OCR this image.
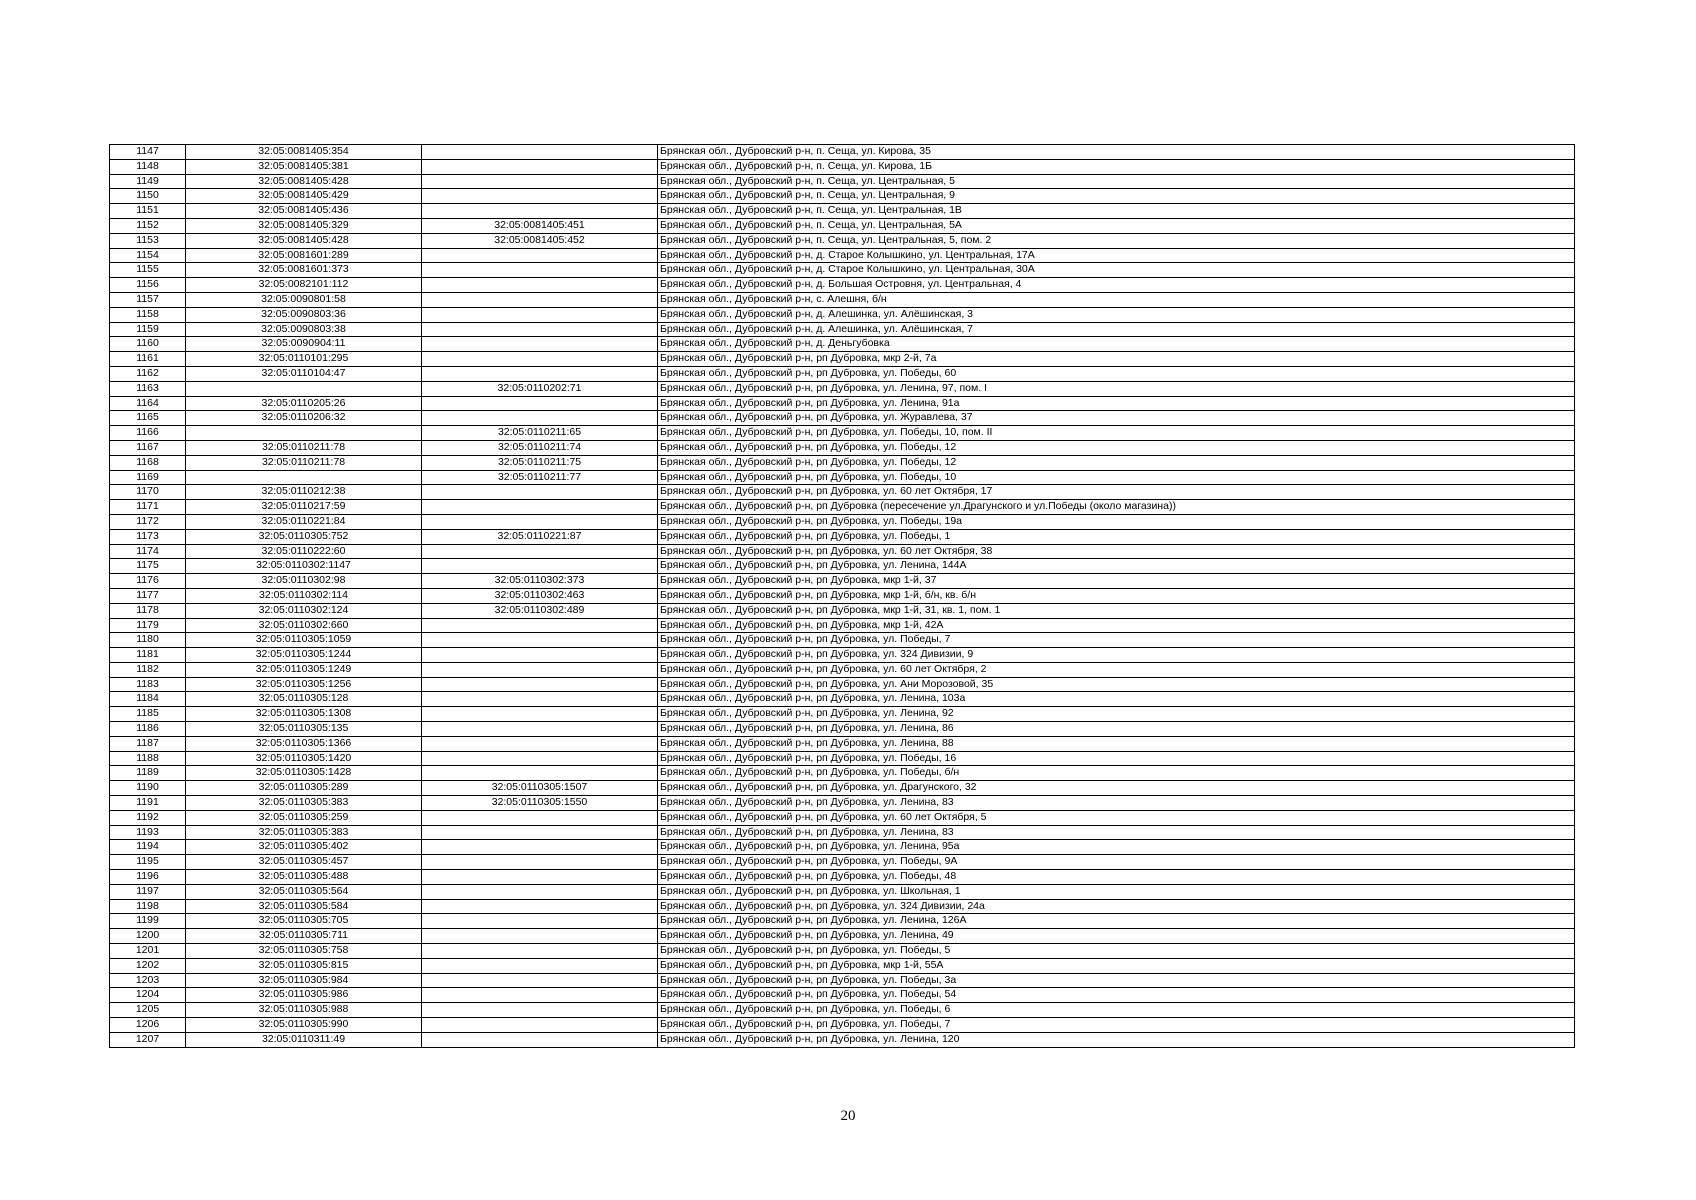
1147	32:05:0081405:354		Брянская обл., Дубровский р-н, п. Сеща, ул. Кирова, 35
1148	32:05:0081405:381		Брянская обл., Дубровский р-н, п. Сеща, ул. Кирова, 1Б
1149	32:05:0081405:428		Брянская обл., Дубровский р-н, п. Сеща, ул. Центральная, 5
1150	32:05:0081405:429		Брянская обл., Дубровский р-н, п. Сеща, ул. Центральная, 9
1151	32:05:0081405:436		Брянская обл., Дубровский р-н, п. Сеща, ул. Центральная, 1В
1152	32:05:0081405:329	32:05:0081405:451	Брянская обл., Дубровский р-н, п. Сеща, ул. Центральная, 5А
1153	32:05:0081405:428	32:05:0081405:452	Брянская обл., Дубровский р-н, п. Сеща, ул. Центральная, 5, пом. 2
1154	32:05:0081601:289		Брянская обл., Дубровский р-н, д. Старое Колышкино, ул. Центральная, 17А
1155	32:05:0081601:373		Брянская обл., Дубровский р-н, д. Старое Колышкино, ул. Центральная, 30А
1156	32:05:0082101:112		Брянская обл., Дубровский р-н, д. Большая Островня, ул. Центральная, 4
1157	32:05:0090801:58		Брянская обл., Дубровский р-н, с. Алешня, б/н
1158	32:05:0090803:36		Брянская обл., Дубровский р-н, д. Алешинка, ул. Алёшинская, 3
1159	32:05:0090803:38		Брянская обл., Дубровский р-н, д. Алешинка, ул. Алёшинская, 7
1160	32:05:0090904:11		Брянская обл., Дубровский р-н, д. Деньгубовка
1161	32:05:0110101:295		Брянская обл., Дубровский р-н, рп Дубровка, мкр 2-й, 7а
1162	32:05:0110104:47		Брянская обл., Дубровский р-н, рп Дубровка, ул. Победы, 60
1163		32:05:0110202:71	Брянская обл., Дубровский р-н, рп Дубровка, ул. Ленина, 97, пом. I
1164	32:05:0110205:26		Брянская обл., Дубровский р-н, рп Дубровка, ул. Ленина, 91а
1165	32:05:0110206:32		Брянская обл., Дубровский р-н, рп Дубровка, ул. Журавлева, 37
1166		32:05:0110211:65	Брянская обл., Дубровский р-н, рп Дубровка, ул. Победы, 10, пом. II
1167	32:05:0110211:78	32:05:0110211:74	Брянская обл., Дубровский р-н, рп Дубровка, ул. Победы, 12
1168	32:05:0110211:78	32:05:0110211:75	Брянская обл., Дубровский р-н, рп Дубровка, ул. Победы, 12
1169		32:05:0110211:77	Брянская обл., Дубровский р-н, рп Дубровка, ул. Победы, 10
1170	32:05:0110212:38		Брянская обл., Дубровский р-н, рп Дубровка, ул. 60 лет Октября, 17
1171	32:05:0110217:59		Брянская обл., Дубровский р-н, рп Дубровка (пересечение ул.Драгунского и ул.Победы (около магазина))
1172	32:05:0110221:84		Брянская обл., Дубровский р-н, рп Дубровка, ул. Победы, 19а
1173	32:05:0110305:752	32:05:0110221:87	Брянская обл., Дубровский р-н, рп Дубровка, ул. Победы, 1
1174	32:05:0110222:60		Брянская обл., Дубровский р-н, рп Дубровка, ул. 60 лет Октября, 38
1175	32:05:0110302:1147		Брянская обл., Дубровский р-н, рп Дубровка, ул. Ленина, 144А
1176	32:05:0110302:98	32:05:0110302:373	Брянская обл., Дубровский р-н, рп Дубровка, мкр 1-й, 37
1177	32:05:0110302:114	32:05:0110302:463	Брянская обл., Дубровский р-н, рп Дубровка, мкр 1-й, б/н, кв. б/н
1178	32:05:0110302:124	32:05:0110302:489	Брянская обл., Дубровский р-н, рп Дубровка, мкр 1-й, 31, кв. 1, пом. 1
1179	32:05:0110302:660		Брянская обл., Дубровский р-н, рп Дубровка, мкр 1-й, 42А
1180	32:05:0110305:1059		Брянская обл., Дубровский р-н, рп Дубровка, ул. Победы, 7
1181	32:05:0110305:1244		Брянская обл., Дубровский р-н, рп Дубровка, ул. 324 Дивизии, 9
1182	32:05:0110305:1249		Брянская обл., Дубровский р-н, рп Дубровка, ул. 60 лет Октября, 2
1183	32:05:0110305:1256		Брянская обл., Дубровский р-н, рп Дубровка, ул. Ани Морозовой, 35
1184	32:05:0110305:128		Брянская обл., Дубровский р-н, рп Дубровка, ул. Ленина, 103а
1185	32:05:0110305:1308		Брянская обл., Дубровский р-н, рп Дубровка, ул. Ленина, 92
1186	32:05:0110305:135		Брянская обл., Дубровский р-н, рп Дубровка, ул. Ленина, 86
1187	32:05:0110305:1366		Брянская обл., Дубровский р-н, рп Дубровка, ул. Ленина, 88
1188	32:05:0110305:1420		Брянская обл., Дубровский р-н, рп Дубровка, ул. Победы, 16
1189	32:05:0110305:1428		Брянская обл., Дубровский р-н, рп Дубровка, ул. Победы, б/н
1190	32:05:0110305:289	32:05:0110305:1507	Брянская обл., Дубровский р-н, рп Дубровка, ул. Драгунского, 32
1191	32:05:0110305:383	32:05:0110305:1550	Брянская обл., Дубровский р-н, рп Дубровка, ул. Ленина, 83
1192	32:05:0110305:259		Брянская обл., Дубровский р-н, рп Дубровка, ул. 60 лет Октября, 5
1193	32:05:0110305:383		Брянская обл., Дубровский р-н, рп Дубровка, ул. Ленина, 83
1194	32:05:0110305:402		Брянская обл., Дубровский р-н, рп Дубровка, ул. Ленина, 95а
1195	32:05:0110305:457		Брянская обл., Дубровский р-н, рп Дубровка, ул. Победы, 9А
1196	32:05:0110305:488		Брянская обл., Дубровский р-н, рп Дубровка, ул. Победы, 48
1197	32:05:0110305:564		Брянская обл., Дубровский р-н, рп Дубровка, ул. Школьная, 1
1198	32:05:0110305:584		Брянская обл., Дубровский р-н, рп Дубровка, ул. 324 Дивизии, 24а
1199	32:05:0110305:705		Брянская обл., Дубровский р-н, рп Дубровка, ул. Ленина, 126А
1200	32:05:0110305:711		Брянская обл., Дубровский р-н, рп Дубровка, ул. Ленина, 49
1201	32:05:0110305:758		Брянская обл., Дубровский р-н, рп Дубровка, ул. Победы, 5
1202	32:05:0110305:815		Брянская обл., Дубровский р-н, рп Дубровка, мкр 1-й, 55А
1203	32:05:0110305:984		Брянская обл., Дубровский р-н, рп Дубровка, ул. Победы, 3а
1204	32:05:0110305:986		Брянская обл., Дубровский р-н, рп Дубровка, ул. Победы, 54
1205	32:05:0110305:988		Брянская обл., Дубровский р-н, рп Дубровка, ул. Победы, 6
1206	32:05:0110305:990		Брянская обл., Дубровский р-н, рп Дубровка, ул. Победы, 7
1207	32:05:0110311:49		Брянская обл., Дубровский р-н, рп Дубровка, ул. Ленина, 120
20
